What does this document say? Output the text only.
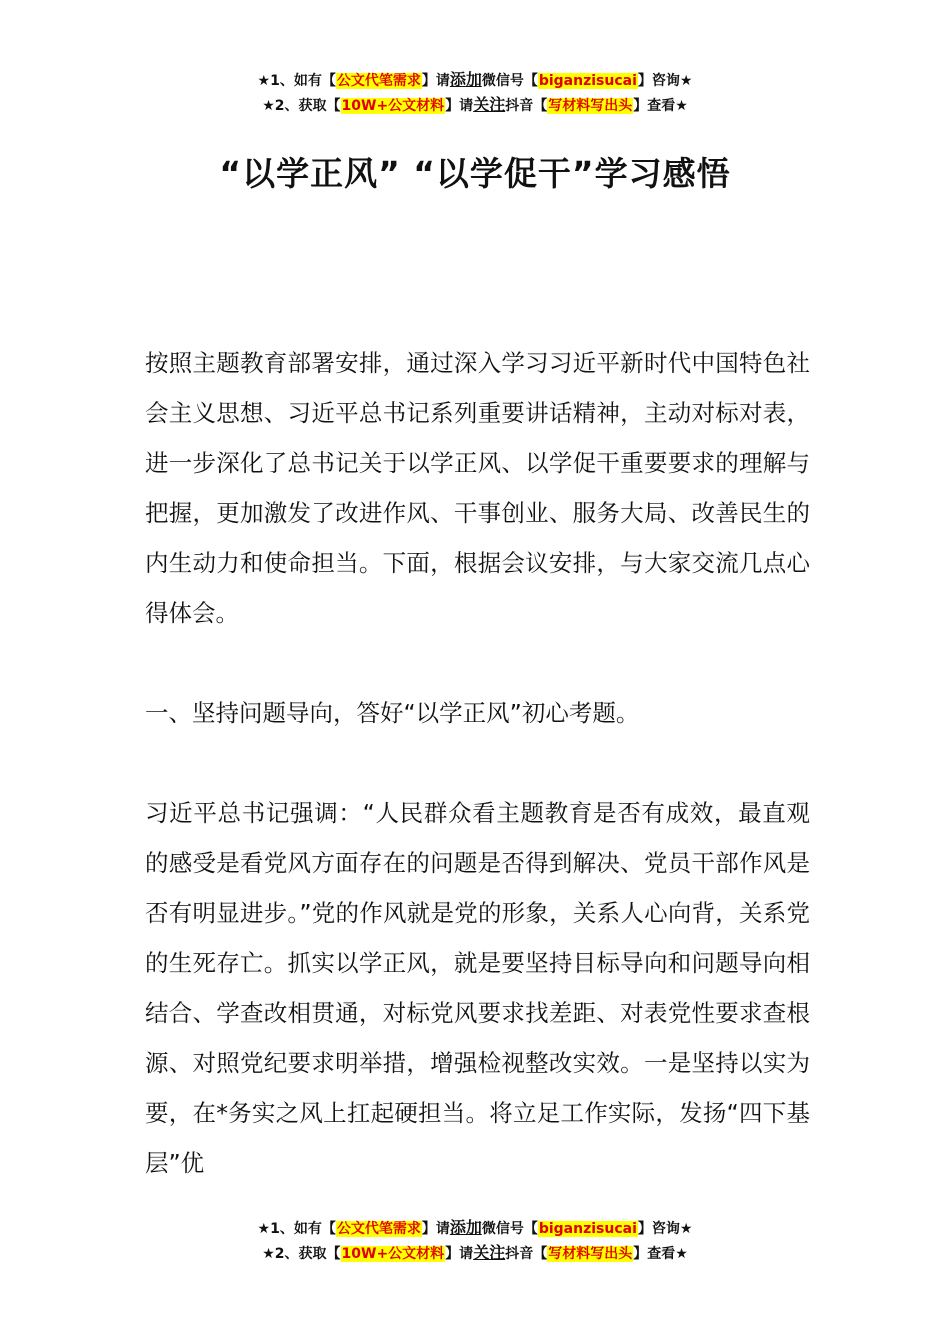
★1、如有【公文代笔需求】请添加微信号【biganzisucai】咨询★
★2、获取【10W+公文材料】请关注抖音【写材料写出头】查看★
“以学正风” “以学促干”学习感悟
按照主题教育部署安排，通过深入学习习近平新时代中国特色社会主义思想、习近平总书记系列重要讲话精神，主动对标对表，进一步深化了总书记关于以学正风、以学促干重要要求的理解与把握，更加激发了改进作风、干事创业、服务大局、改善民生的内生动力和使命担当。下面，根据会议安排，与大家交流几点心得体会。
一、坚持问题导向，答好“以学正风”初心考题。
习近平总书记强调：“人民群众看主题教育是否有成效，最直观的感受是看党风方面存在的问题是否得到解决、党员干部作风是否有明显进步。”党的作风就是党的形象，关系人心向背，关系党的生死存亡。抓实以学正风，就是要坚持目标导向和问题导向相结合、学查改相贯通，对标党风要求找差距、对表党性要求查根源、对照党纪要求明举措，增强检视整改实效。一是坚持以实为要，在*务实之风上扛起硬担当。将立足工作实际，发扬“四下基层”优
★1、如有【公文代笔需求】请添加微信号【biganzisucai】咨询★
★2、获取【10W+公文材料】请关注抖音【写材料写出头】查看★
